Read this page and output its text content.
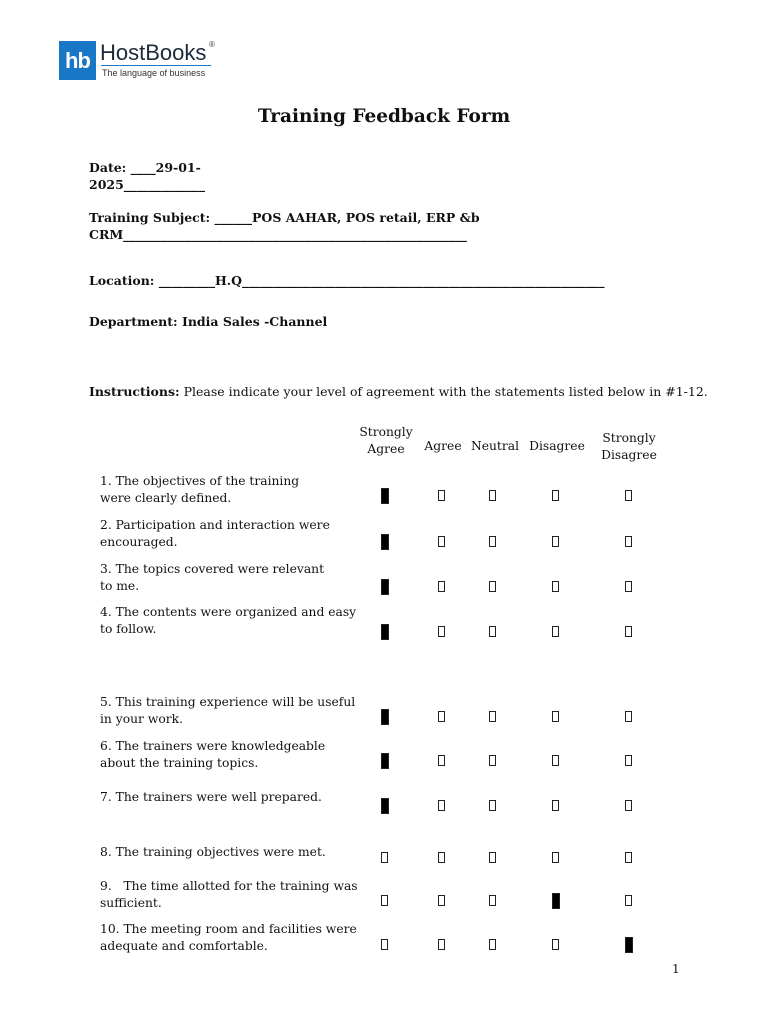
hb HostBooks ®
The language of business
Training Feedback Form
Date: ____29-01-
2025_____________
Training Subject: ______POS AAHAR, POS retail, ERP &b
CRM_______________________________________________________
Location: _________H.Q__________________________________________________________
Department: India Sales -Channel
Instructions: Please indicate your level of agreement with the statements listed below in #1-12.
Strongly
Agree	Agree Neutral Disagree
Strongly
Disagree
1. The objectives of the training
were clearly defined.
2. Participation and interaction were
encouraged.
3. The topics covered were relevant
to me.
4. The contents were organized and easy
to follow.
5. This training experience will be useful
in your work.
6. The trainers were knowledgeable
about the training topics.
7. The trainers were well prepared.
8. The training objectives were met.
9.   The time allotted for the training was
sufficient.
10. The meeting room and facilities were
adequate and comfortable.
1
